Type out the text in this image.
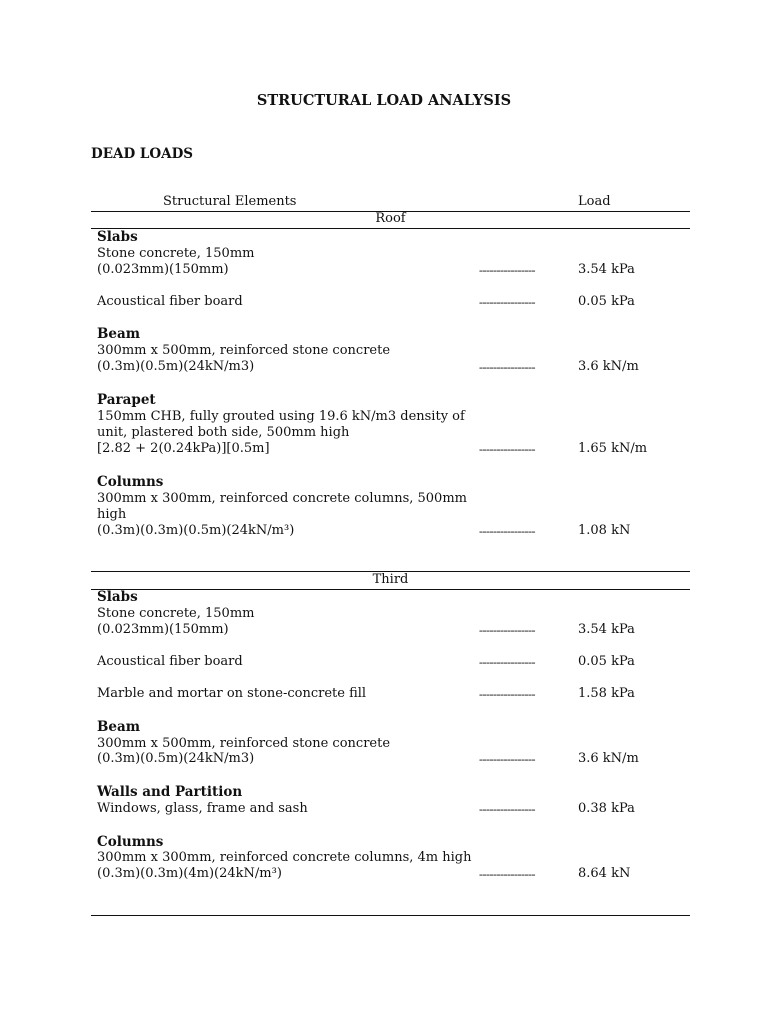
STRUCTURAL LOAD ANALYSIS
DEAD LOADS
Structural Elements	Load
Roof
Slabs
Stone concrete, 150mm
(0.023mm)(150mm)	----------------	3.54 kPa
Acoustical fiber board	----------------	0.05 kPa
Beam
300mm x 500mm, reinforced stone concrete
(0.3m)(0.5m)(24kN/m3)	----------------	3.6 kN/m
Parapet
150mm CHB, fully grouted using 19.6 kN/m3 density of
unit, plastered both side, 500mm high
[2.82 + 2(0.24kPa)][0.5m]	----------------	1.65 kN/m
Columns
300mm x 300mm, reinforced concrete columns, 500mm
high
(0.3m)(0.3m)(0.5m)(24kN/m³)	----------------	1.08 kN
Third
Slabs
Stone concrete, 150mm
(0.023mm)(150mm)	----------------	3.54 kPa
Acoustical fiber board	----------------	0.05 kPa
Marble and mortar on stone-concrete fill	----------------	1.58 kPa
Beam
300mm x 500mm, reinforced stone concrete
(0.3m)(0.5m)(24kN/m3)	----------------	3.6 kN/m
Walls and Partition
Windows, glass, frame and sash	----------------	0.38 kPa
Columns
300mm x 300mm, reinforced concrete columns, 4m high
(0.3m)(0.3m)(4m)(24kN/m³)	----------------	8.64 kN
